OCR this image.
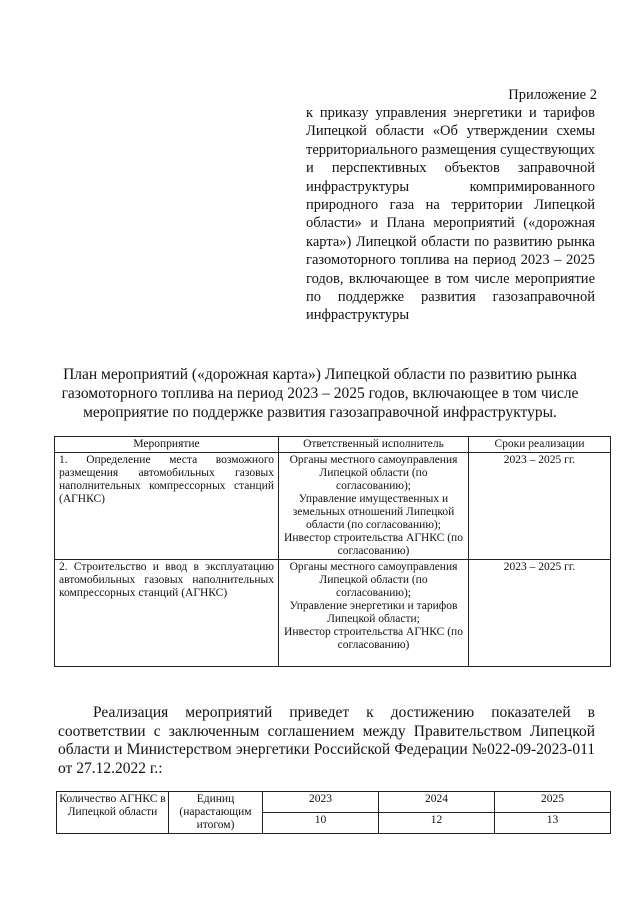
Приложение 2
к приказу управления энергетики и тарифов Липецкой области «Об утверждении схемы территориального размещения существующих и перспективных объектов заправочной инфраструктуры компримированного природного газа на территории Липецкой области» и Плана мероприятий («дорожная карта») Липецкой области по развитию рынка газомоторного топлива на период 2023 – 2025 годов, включающее в том числе мероприятие по поддержке развития газозаправочной инфраструктуры
План мероприятий («дорожная карта») Липецкой области по развитию рынка газомоторного топлива на период 2023 – 2025 годов, включающее в том числе мероприятие по поддержке развития газозаправочной инфраструктуры.
Мероприятие	Ответственный исполнитель	Сроки реализации
1. Определение места возможного размещения автомобильных газовых наполнительных компрессорных станций (АГНКС)	Органы местного самоуправления Липецкой области (по согласованию);
Управление имущественных и земельных отношений Липецкой области (по согласованию);
Инвестор строительства АГНКС (по согласованию)	2023 – 2025 гг.
2. Строительство и ввод в эксплуатацию автомобильных газовых наполнительных компрессорных станций (АГНКС)	Органы местного самоуправления Липецкой области (по согласованию);
Управление энергетики и тарифов Липецкой области;
Инвестор строительства АГНКС (по согласованию)	2023 – 2025 гг.
Реализация мероприятий приведет к достижению показателей в соответствии с заключенным соглашением между Правительством Липецкой области и Министерством энергетики Российской Федерации №022-09-2023-011 от 27.12.2022 г.:
Количество АГНКС в Липецкой области	Единиц (нарастающим итогом)	2023	2024	2025
		10	12	13
